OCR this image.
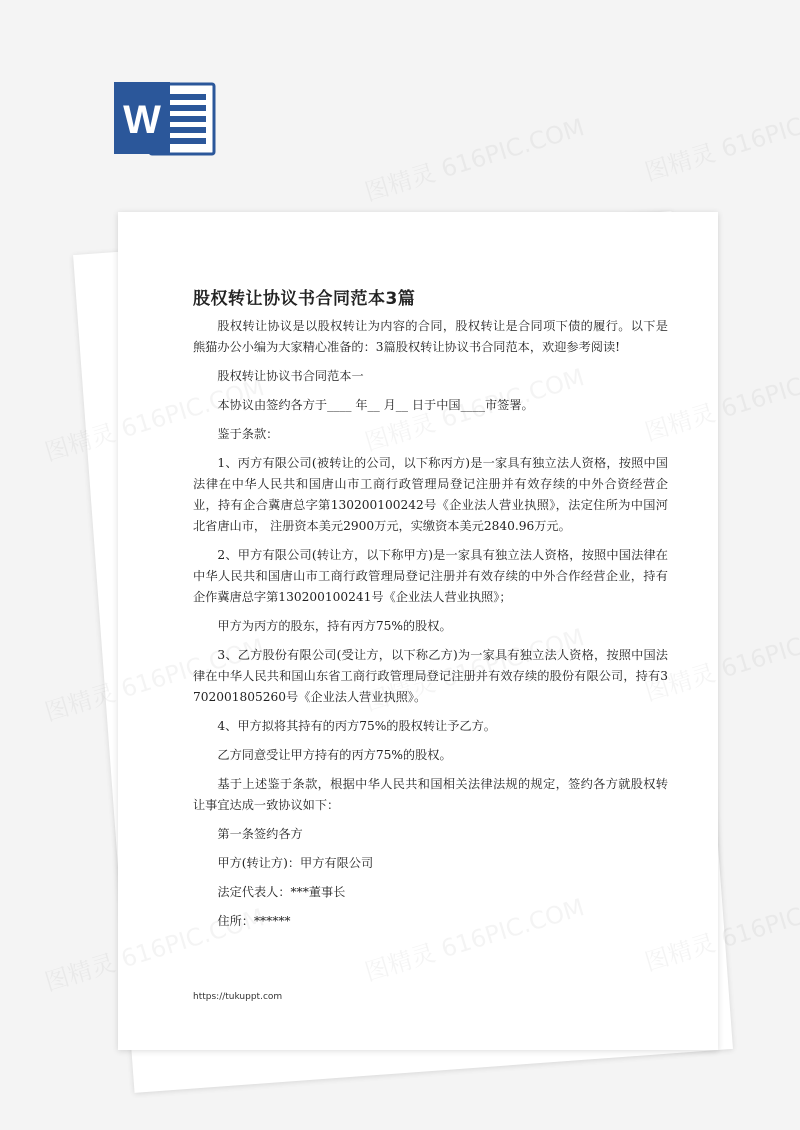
W
股权转让协议书合同范本3篇

股权转让协议是以股权转让为内容的合同，股权转让是合同项下债的履行。以下是熊猫办公小编为大家精心准备的：3篇股权转让协议书合同范本，欢迎参考阅读!

股权转让协议书合同范本一

本协议由签约各方于____ 年__ 月__ 日于中国____市签署。

鉴于条款：

1、丙方有限公司(被转让的公司，以下称丙方)是一家具有独立法人资格，按照中国法律在中华人民共和国唐山市工商行政管理局登记注册并有效存续的中外合资经营企业，持有企合冀唐总字第130200100242号《企业法人营业执照》，法定住所为中国河北省唐山市， 注册资本美元2900万元，实缴资本美元2840.96万元。

2、甲方有限公司(转让方，以下称甲方)是一家具有独立法人资格，按照中国法律在中华人民共和国唐山市工商行政管理局登记注册并有效存续的中外合作经营企业，持有企作冀唐总字第130200100241号《企业法人营业执照》；

甲方为丙方的股东，持有丙方75%的股权。

3、乙方股份有限公司(受让方，以下称乙方)为一家具有独立法人资格，按照中国法律在中华人民共和国山东省工商行政管理局登记注册并有效存续的股份有限公司，持有3702001805260号《企业法人营业执照》。

4、甲方拟将其持有的丙方75%的股权转让予乙方。

乙方同意受让甲方持有的丙方75%的股权。

基于上述鉴于条款，根据中华人民共和国相关法律法规的规定，签约各方就股权转让事宜达成一致协议如下：

第一条签约各方

甲方(转让方)：甲方有限公司

法定代表人：***董事长

住所：******

https://tukuppt.com
